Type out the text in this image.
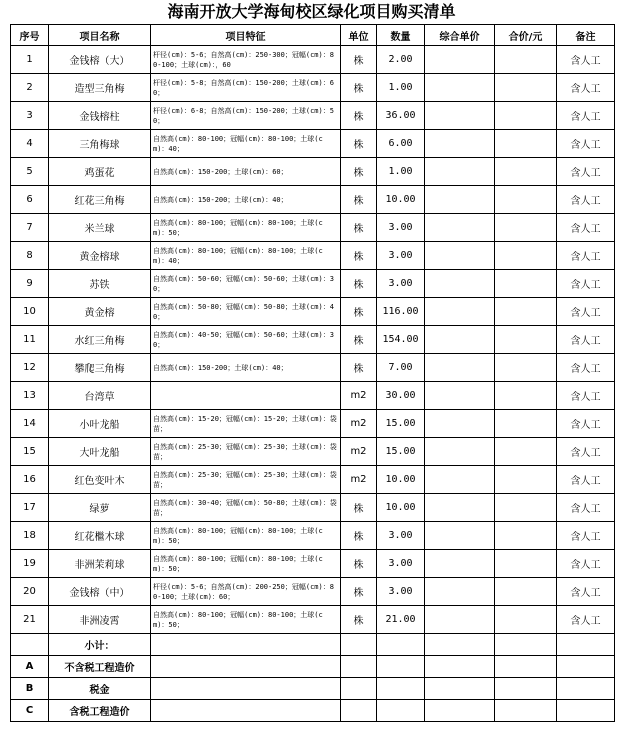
海南开放大学海甸校区绿化项目购买清单
序号	项目名称	项目特征	单位	数量	综合单价	合价/元	备注
1	金钱榕（大）	杆径(cm)：5-6；自然高(cm)：250-300；冠幅(cm)：80-100；土球(cm)：，60	株	2.00			含人工
2	造型三角梅	杆径(cm)：5-8；自然高(cm)：150-200；土球(cm)：60；	株	1.00			含人工
3	金钱榕柱	杆径(cm)：6-8；自然高(cm)：150-200；土球(cm)：50；	株	36.00			含人工
4	三角梅球	自然高(cm)：80-100；冠幅(cm)：80-100；土球(cm)：40；	株	6.00			含人工
5	鸡蛋花	自然高(cm)：150-200；土球(cm)：60；	株	1.00			含人工
6	红花三角梅	自然高(cm)：150-200；土球(cm)：40；	株	10.00			含人工
7	米兰球	自然高(cm)：80-100；冠幅(cm)：80-100；土球(cm)：50；	株	3.00			含人工
8	黄金榕球	自然高(cm)：80-100；冠幅(cm)：80-100；土球(cm)：40；	株	3.00			含人工
9	苏铁	自然高(cm)：50-60；冠幅(cm)：50-60；土球(cm)：30；	株	3.00			含人工
10	黄金榕	自然高(cm)：50-80；冠幅(cm)：50-80；土球(cm)：40；	株	116.00			含人工
11	水红三角梅	自然高(cm)：40-50；冠幅(cm)：50-60；土球(cm)：30；	株	154.00			含人工
12	攀爬三角梅	自然高(cm)：150-200；土球(cm)：40；	株	7.00			含人工
13	台湾草		m2	30.00			含人工
14	小叶龙船	自然高(cm)：15-20；冠幅(cm)：15-20；土球(cm)：袋苗；	m2	15.00			含人工
15	大叶龙船	自然高(cm)：25-30；冠幅(cm)：25-30；土球(cm)：袋苗；	m2	15.00			含人工
16	红色变叶木	自然高(cm)：25-30；冠幅(cm)：25-30；土球(cm)：袋苗；	m2	10.00			含人工
17	绿萝	自然高(cm)：30-40；冠幅(cm)：50-80；土球(cm)：袋苗；	株	10.00			含人工
18	红花檵木球	自然高(cm)：80-100；冠幅(cm)：80-100；土球(cm)：50；	株	3.00			含人工
19	非洲茉莉球	自然高(cm)：80-100；冠幅(cm)：80-100；土球(cm)：50；	株	3.00			含人工
20	金钱榕（中）	杆径(cm)：5-6；自然高(cm)：200-250；冠幅(cm)：80-100；土球(cm)：60；	株	3.00			含人工
21	非洲凌霄	自然高(cm)：80-100；冠幅(cm)：80-100；土球(cm)：50；	株	21.00			含人工
	小计：						
A	不含税工程造价						
B	税金						
C	含税工程造价						
